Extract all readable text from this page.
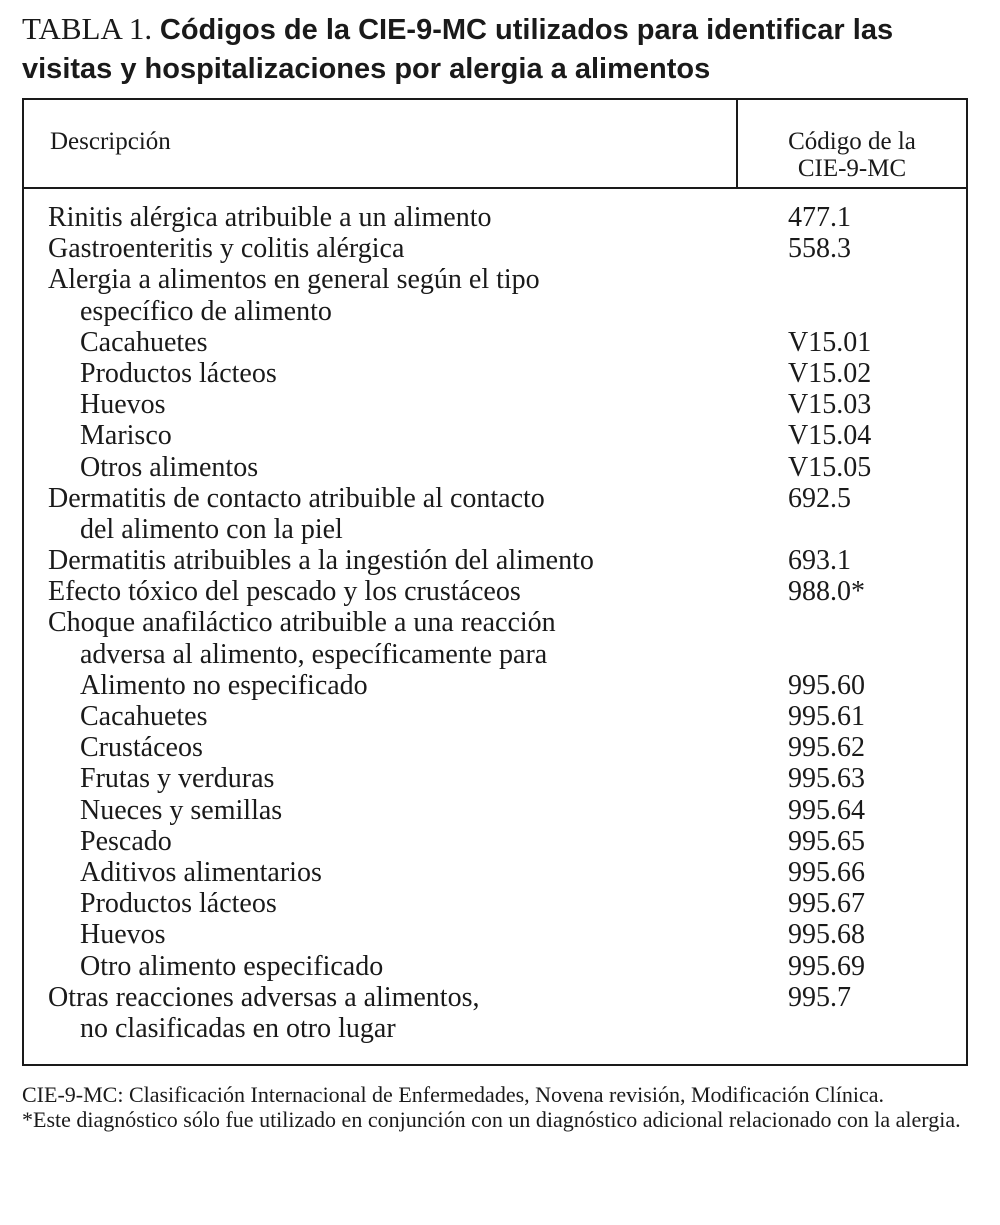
TABLA 1. Códigos de la CIE-9-MC utilizados para identificar las visitas y hospitalizaciones por alergia a alimentos
Descripción	Código de la
CIE-9-MC
Rinitis alérgica atribuible a un alimento	477.1
Gastroenteritis y colitis alérgica	558.3
Alergia a alimentos en general según el tipo
específico de alimento
Cacahuetes	V15.01
Productos lácteos	V15.02
Huevos	V15.03
Marisco	V15.04
Otros alimentos	V15.05
Dermatitis de contacto atribuible al contacto	692.5
del alimento con la piel
Dermatitis atribuibles a la ingestión del alimento	693.1
Efecto tóxico del pescado y los crustáceos	988.0*
Choque anafiláctico atribuible a una reacción
adversa al alimento, específicamente para
Alimento no especificado	995.60
Cacahuetes	995.61
Crustáceos	995.62
Frutas y verduras	995.63
Nueces y semillas	995.64
Pescado	995.65
Aditivos alimentarios	995.66
Productos lácteos	995.67
Huevos	995.68
Otro alimento especificado	995.69
Otras reacciones adversas a alimentos,	995.7
no clasificadas en otro lugar

CIE-9-MC: Clasificación Internacional de Enfermedades, Novena revisión, Modificación Clínica.

*Este diagnóstico sólo fue utilizado en conjunción con un diagnóstico adicional relacionado con la alergia.
